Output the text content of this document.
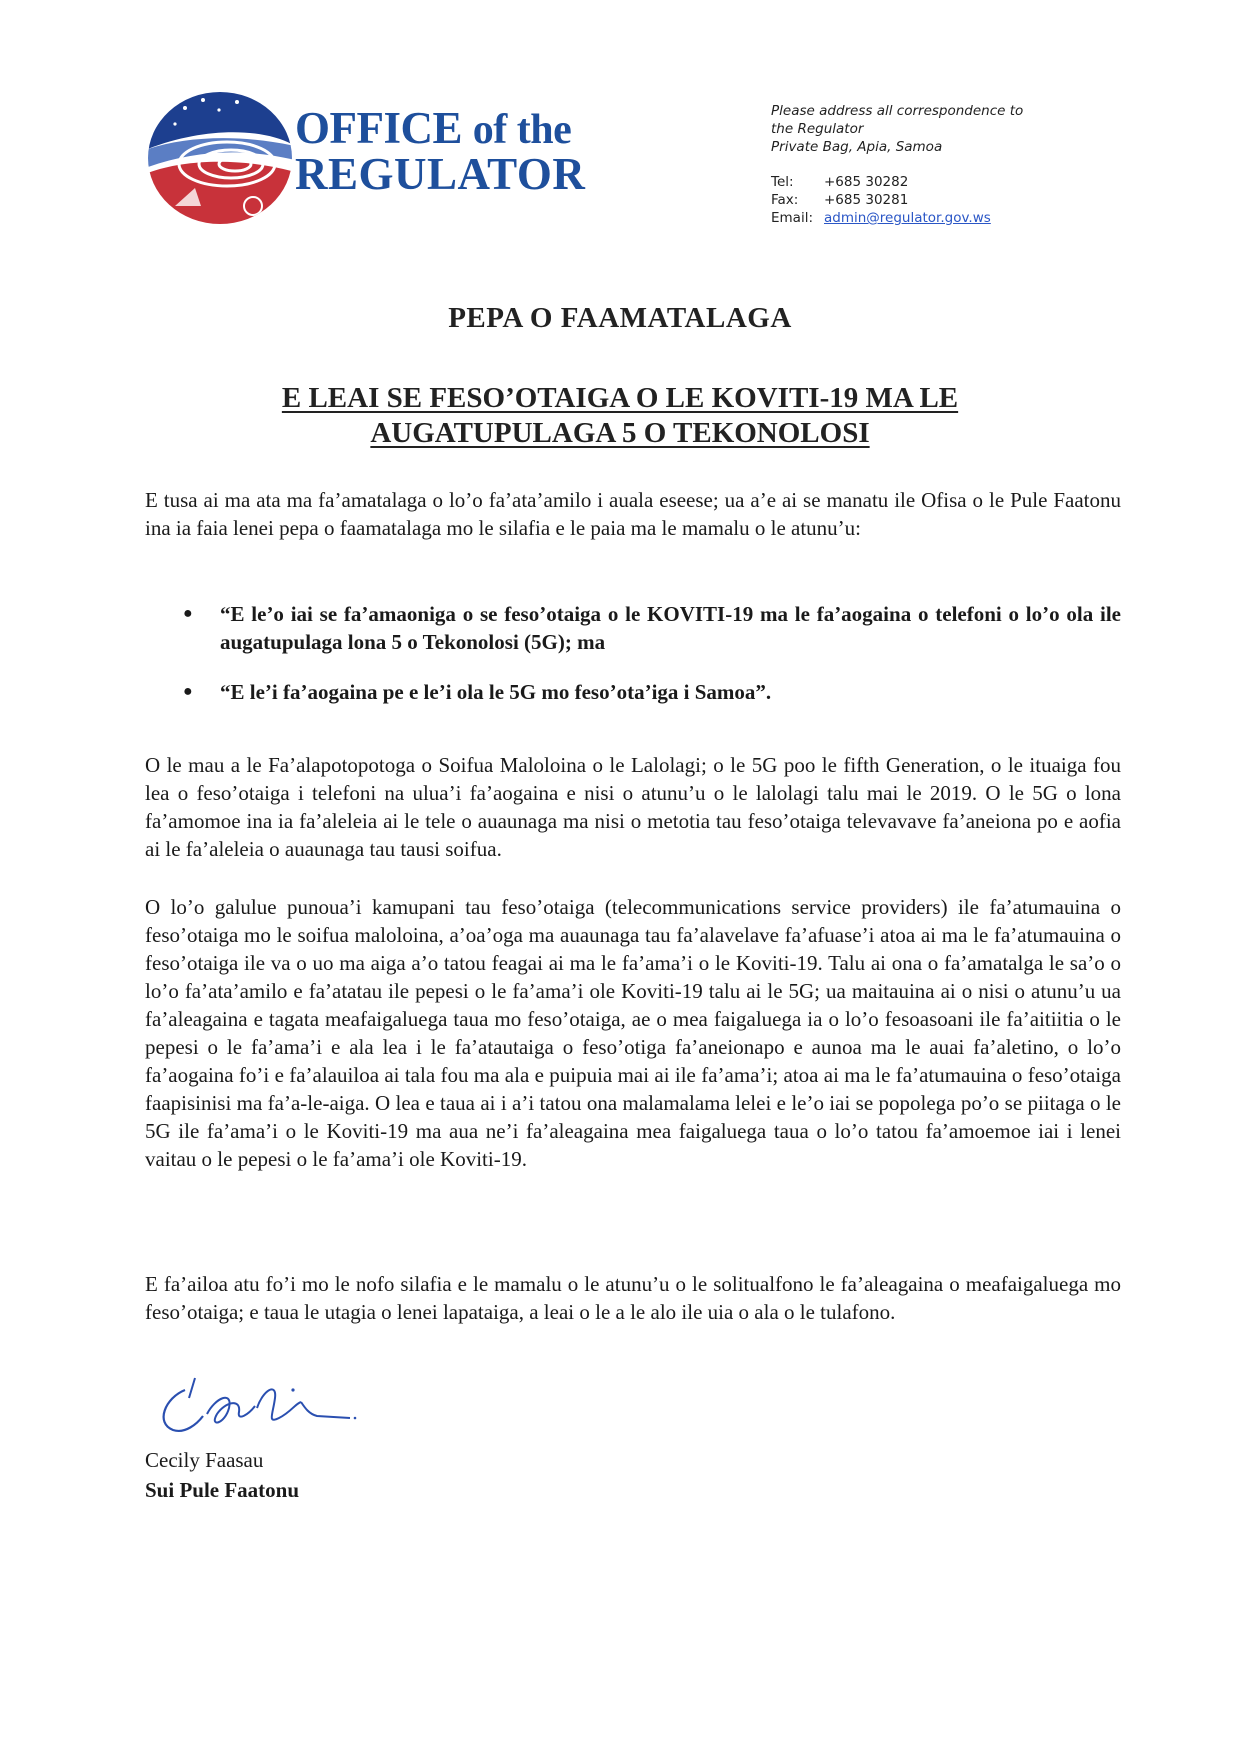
OFFICE of the
REGULATOR
Please address all correspondence to
the Regulator
Private Bag, Apia, Samoa
Tel:	+685 30282
Fax:	+685 30281
Email: admin@regulator.gov.ws
PEPA O FAAMATALAGA
E LEAI SE FESO’OTAIGA O LE KOVITI-19 MA LE
AUGATUPULAGA 5 O TEKONOLOSI
E tusa ai ma ata ma fa’amatalaga o lo’o fa’ata’amilo i auala eseese; ua a’e ai se manatu ile Ofisa o le Pule Faatonu ina ia faia lenei pepa o faamatalaga mo le silafia e le paia ma le mamalu o le atunu’u:
●	“E le’o iai se fa’amaoniga o se feso’otaiga o le KOVITI-19 ma le fa’aogaina o telefoni o lo’o ola ile augatupulaga lona 5 o Tekonolosi (5G); ma
●	“E le’i fa’aogaina pe e le’i ola le 5G mo feso’ota’iga i Samoa”.
O le mau a le Fa’alapotopotoga o Soifua Maloloina o le Lalolagi; o le 5G poo le fifth Generation, o le ituaiga fou lea o feso’otaiga i telefoni na ulua’i fa’aogaina e nisi o atunu’u o le lalolagi talu mai le 2019. O le 5G o lona fa’amomoe ina ia fa’aleleia ai le tele o auaunaga ma nisi o metotia tau feso’otaiga televavave fa’aneiona po e aofia ai le fa’aleleia o auaunaga tau tausi soifua.
O lo’o galulue punoua’i kamupani tau feso’otaiga (telecommunications service providers) ile fa’atumauina o feso’otaiga mo le soifua maloloina, a’oa’oga ma auaunaga tau fa’alavelave fa’afuase’i atoa ai ma le fa’atumauina o feso’otaiga ile va o uo ma aiga a’o tatou feagai ai ma le fa’ama’i o le Koviti-19. Talu ai ona o fa’amatalga le sa’o o lo’o fa’ata’amilo e fa’atatau ile pepesi o le fa’ama’i ole Koviti-19 talu ai le 5G; ua maitauina ai o nisi o atunu’u ua fa’aleagaina e tagata meafaigaluega taua mo feso’otaiga, ae o mea faigaluega ia o lo’o fesoasoani ile fa’aitiitia o le pepesi o le fa’ama’i e ala lea i le fa’atautaiga o feso’otiga fa’aneionapo e aunoa ma le auai fa’aletino, o lo’o fa’aogaina fo’i e fa’alauiloa ai tala fou ma ala e puipuia mai ai ile fa’ama’i; atoa ai ma le fa’atumauina o feso’otaiga faapisinisi ma fa’a-le-aiga. O lea e taua ai i a’i tatou ona malamalama lelei e le’o iai se popolega po’o se piitaga o le 5G ile fa’ama’i o le Koviti-19 ma aua ne’i fa’aleagaina mea faigaluega taua o lo’o tatou fa’amoemoe iai i lenei vaitau o le pepesi o le fa’ama’i ole Koviti-19.
E fa’ailoa atu fo’i mo le nofo silafia e le mamalu o le atunu’u o le solitualfono le fa’aleagaina o meafaigaluega mo feso’otaiga; e taua le utagia o lenei lapataiga, a leai o le a le alo ile uia o ala o le tulafono.
Cecily Faasau
Sui Pule Faatonu
